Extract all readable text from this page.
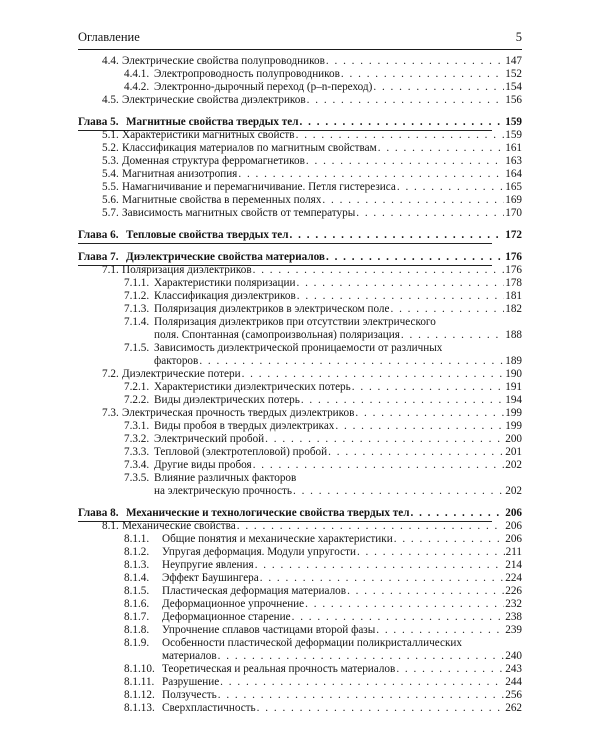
Оглавление	5
4.4. Электрические свойства полупроводников . . .	147
4.4.1. Электропроводность полупроводников . . .	152
4.4.2. Электронно-дырочный переход (p–n-переход) . . .	154
4.5. Электрические свойства диэлектриков . . .	156
Глава 5. Магнитные свойства твердых тел . . .	159
5.1. Характеристики магнитных свойств . . .	159
5.2. Классификация материалов по магнитным свойствам . . .	161
5.3. Доменная структура ферромагнетиков . . .	163
5.4. Магнитная анизотропия . . .	164
5.5. Намагничивание и перемагничивание. Петля гистерезиса . . .	165
5.6. Магнитные свойства в переменных полях . . .	169
5.7. Зависимость магнитных свойств от температуры . . .	170
Глава 6. Тепловые свойства твердых тел . . .	172
Глава 7. Диэлектрические свойства материалов . . .	176
7.1. Поляризация диэлектриков . . .	176
7.1.1. Характеристики поляризации . . .	178
7.1.2. Классификация диэлектриков . . .	181
7.1.3. Поляризация диэлектриков в электрическом поле . . .	182
7.1.4. Поляризация диэлектриков при отсутствии электрического
поля. Спонтанная (самопроизвольная) поляризация . . .	188
7.1.5. Зависимость диэлектрической проницаемости от различных
факторов . . .	189
7.2. Диэлектрические потери . . .	190
7.2.1. Характеристики диэлектрических потерь . . .	191
7.2.2. Виды диэлектрических потерь . . .	194
7.3. Электрическая прочность твердых диэлектриков . . .	199
7.3.1. Виды пробоя в твердых диэлектриках . . .	199
7.3.2. Электрический пробой . . .	200
7.3.3. Тепловой (электротепловой) пробой . . .	201
7.3.4. Другие виды пробоя . . .	202
7.3.5. Влияние различных факторов
на электрическую прочность . . .	202
Глава 8. Механические и технологические свойства твердых тел . . .	206
8.1. Механические свойства . . .	206
8.1.1.	Общие понятия и механические характеристики . . .	206
8.1.2.	Упругая деформация. Модули упругости . . .	211
8.1.3.	Неупругие явления . . .	214
8.1.4.	Эффект Баушингера . . .	224
8.1.5.	Пластическая деформация материалов . . .	226
8.1.6.	Деформационное упрочнение . . .	232
8.1.7.	Деформационное старение . . .	238
8.1.8.	Упрочнение сплавов частицами второй фазы . . .	239
8.1.9.	Особенности пластической деформации поликристаллических
материалов . . .	240
8.1.10. Теоретическая и реальная прочность материалов . . .	243
8.1.11. Разрушение . . .	244
8.1.12. Ползучесть . . .	256
8.1.13. Сверхпластичность . . .	262
